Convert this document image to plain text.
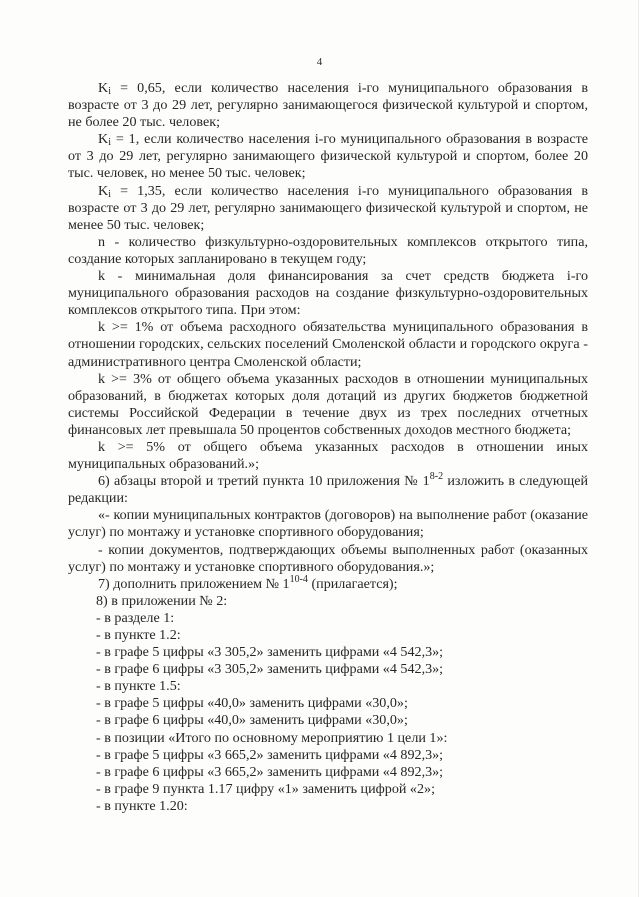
4

$K_i = 0,65$, если количество населения i-го муниципального образования в возрасте от 3 до 29 лет, регулярно занимающегося физической культурой и спортом, не более 20 тыс. человек;

$K_i = 1$, если количество населения i-го муниципального образования в возрасте от 3 до 29 лет, регулярно занимающего физической культурой и спортом, более 20 тыс. человек, но менее 50 тыс. человек;

$K_i = 1,35$, если количество населения i-го муниципального образования в возрасте от 3 до 29 лет, регулярно занимающего физической культурой и спортом, не менее 50 тыс. человек;

n - количество физкультурно-оздоровительных комплексов открытого типа, создание которых запланировано в текущем году;

k - минимальная доля финансирования за счет средств бюджета i-го муниципального образования расходов на создание физкультурно-оздоровительных комплексов открытого типа. При этом:

k >= 1% от объема расходного обязательства муниципального образования в отношении городских, сельских поселений Смоленской области и городского округа - административного центра Смоленской области;

k >= 3% от общего объема указанных расходов в отношении муниципальных образований, в бюджетах которых доля дотаций из других бюджетов бюджетной системы Российской Федерации в течение двух из трех последних отчетных финансовых лет превышала 50 процентов собственных доходов местного бюджета;

k >= 5% от общего объема указанных расходов в отношении иных муниципальных образований.»;

6) абзацы второй и третий пункта 10 приложения № 1$^{8-2}$ изложить в следующей редакции:

«- копии муниципальных контрактов (договоров) на выполнение работ (оказание услуг) по монтажу и установке спортивного оборудования;

- копии документов, подтверждающих объемы выполненных работ (оказанных услуг) по монтажу и установке спортивного оборудования.»;

7) дополнить приложением № 1$^{10-4}$ (прилагается);

8) в приложении № 2:

- в разделе 1:

- в пункте 1.2:

- в графе 5 цифры «3 305,2» заменить цифрами «4 542,3»;

- в графе 6 цифры «3 305,2» заменить цифрами «4 542,3»;

- в пункте 1.5:

- в графе 5 цифры «40,0» заменить цифрами «30,0»;

- в графе 6 цифры «40,0» заменить цифрами «30,0»;

- в позиции «Итого по основному мероприятию 1 цели 1»:

- в графе 5 цифры «3 665,2» заменить цифрами «4 892,3»;

- в графе 6 цифры «3 665,2» заменить цифрами «4 892,3»;

- в графе 9 пункта 1.17 цифру «1» заменить цифрой «2»;

- в пункте 1.20:
